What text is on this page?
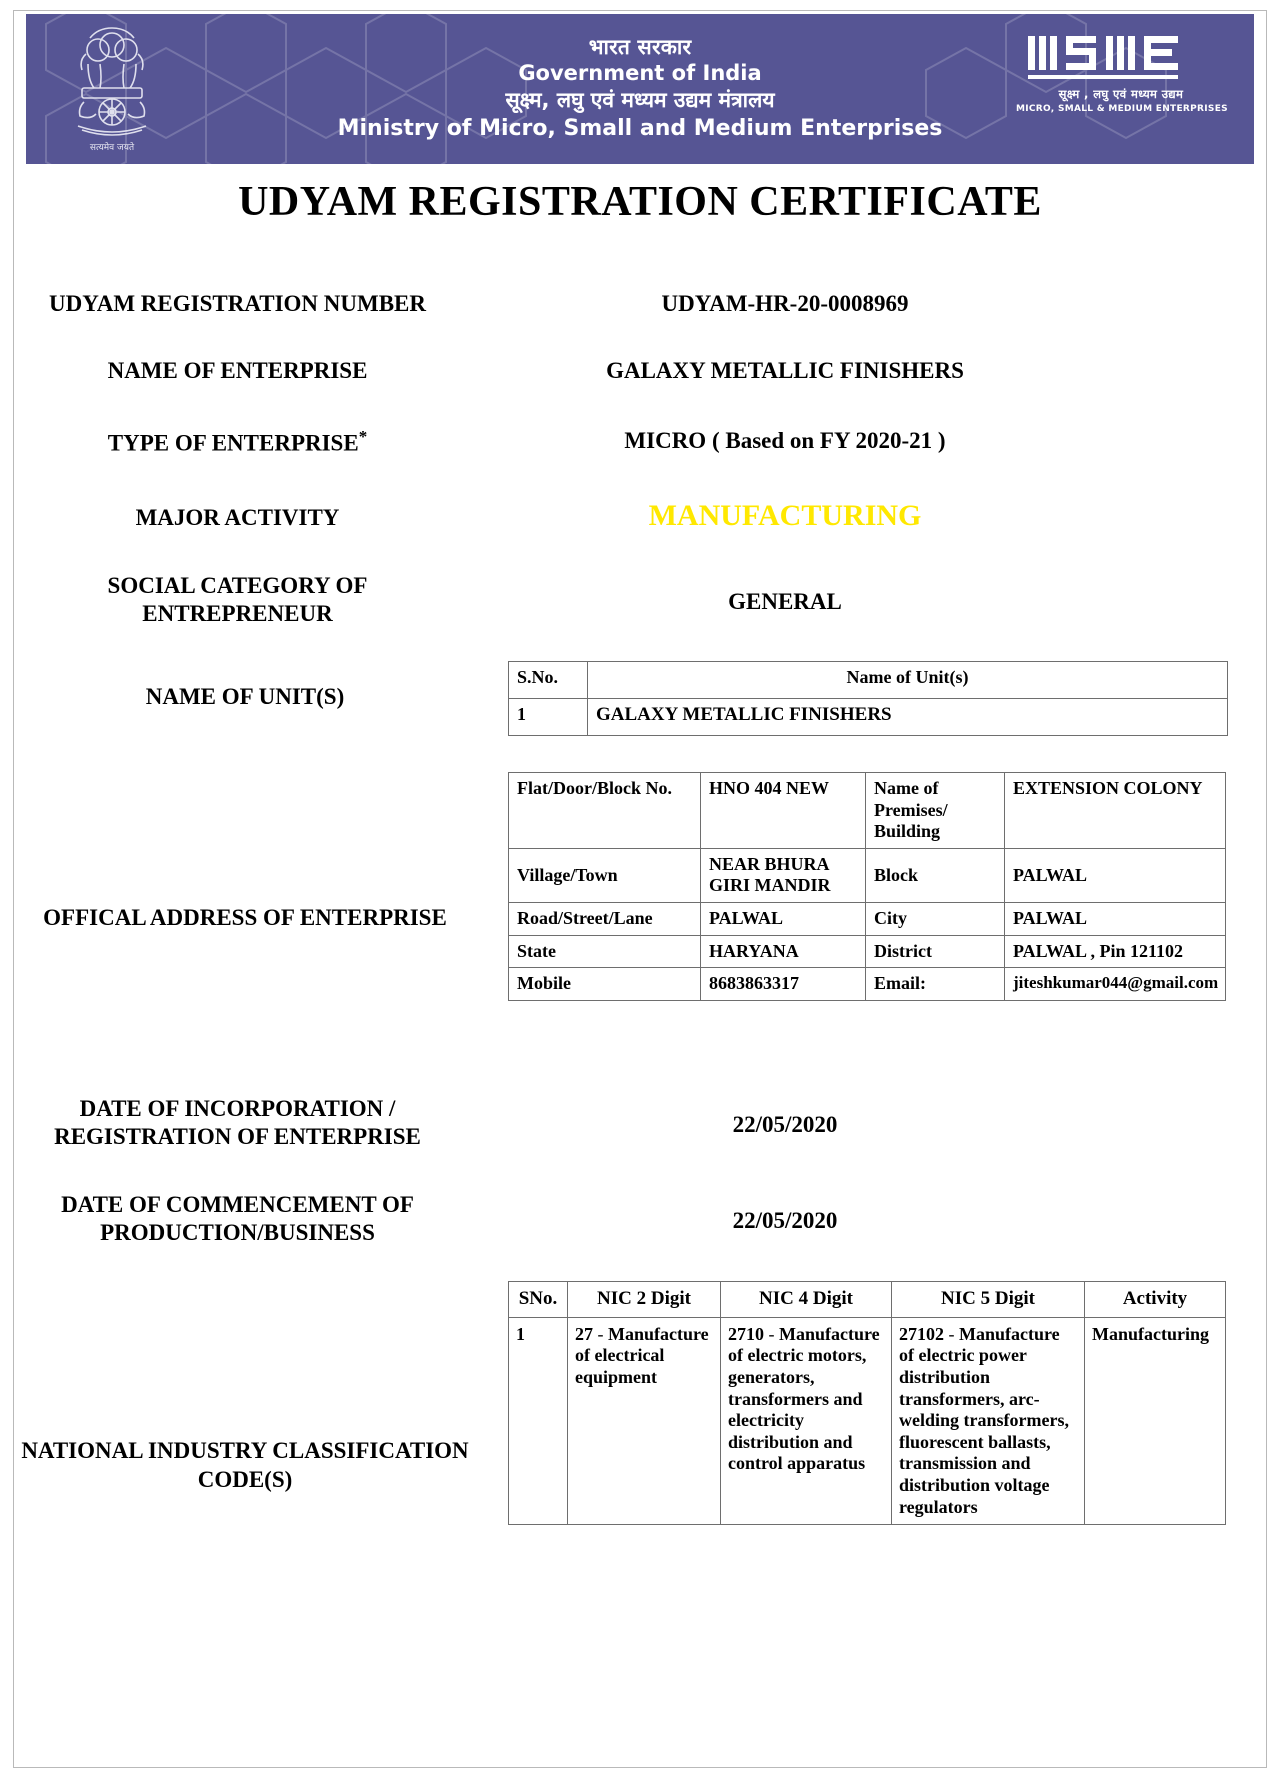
सत्यमेव जयते
भारत सरकार
Government of India
सूक्ष्म, लघु एवं मध्यम उद्यम मंत्रालय
Ministry of Micro, Small and Medium Enterprises
सूक्ष्म , लघु एवं मध्यम उद्यम
MICRO, SMALL & MEDIUM ENTERPRISES
UDYAM REGISTRATION CERTIFICATE
UDYAM REGISTRATION NUMBER	UDYAM-HR-20-0008969
NAME OF ENTERPRISE	GALAXY METALLIC FINISHERS
TYPE OF ENTERPRISE*	MICRO ( Based on FY 2020-21 )
MAJOR ACTIVITY	MANUFACTURING
SOCIAL CATEGORY OF ENTREPRENEUR	GENERAL
NAME OF UNIT(S)
S.No.	Name of Unit(s)
1	GALAXY METALLIC FINISHERS
OFFICAL ADDRESS OF ENTERPRISE
Flat/Door/Block No.	HNO 404 NEW	Name of Premises/ Building	EXTENSION COLONY
Village/Town	NEAR BHURA GIRI MANDIR	Block	PALWAL
Road/Street/Lane	PALWAL	City	PALWAL
State	HARYANA	District	PALWAL , Pin 121102
Mobile	8683863317	Email:	jiteshkumar044@gmail.com
DATE OF INCORPORATION / REGISTRATION OF ENTERPRISE	22/05/2020
DATE OF COMMENCEMENT OF PRODUCTION/BUSINESS	22/05/2020
NATIONAL INDUSTRY CLASSIFICATION CODE(S)
SNo.	NIC 2 Digit	NIC 4 Digit	NIC 5 Digit	Activity
1	27 - Manufacture of electrical equipment	2710 - Manufacture of electric motors, generators, transformers and electricity distribution and control apparatus	27102 - Manufacture of electric power distribution transformers, arc-welding transformers, fluorescent ballasts, transmission and distribution voltage regulators	Manufacturing
